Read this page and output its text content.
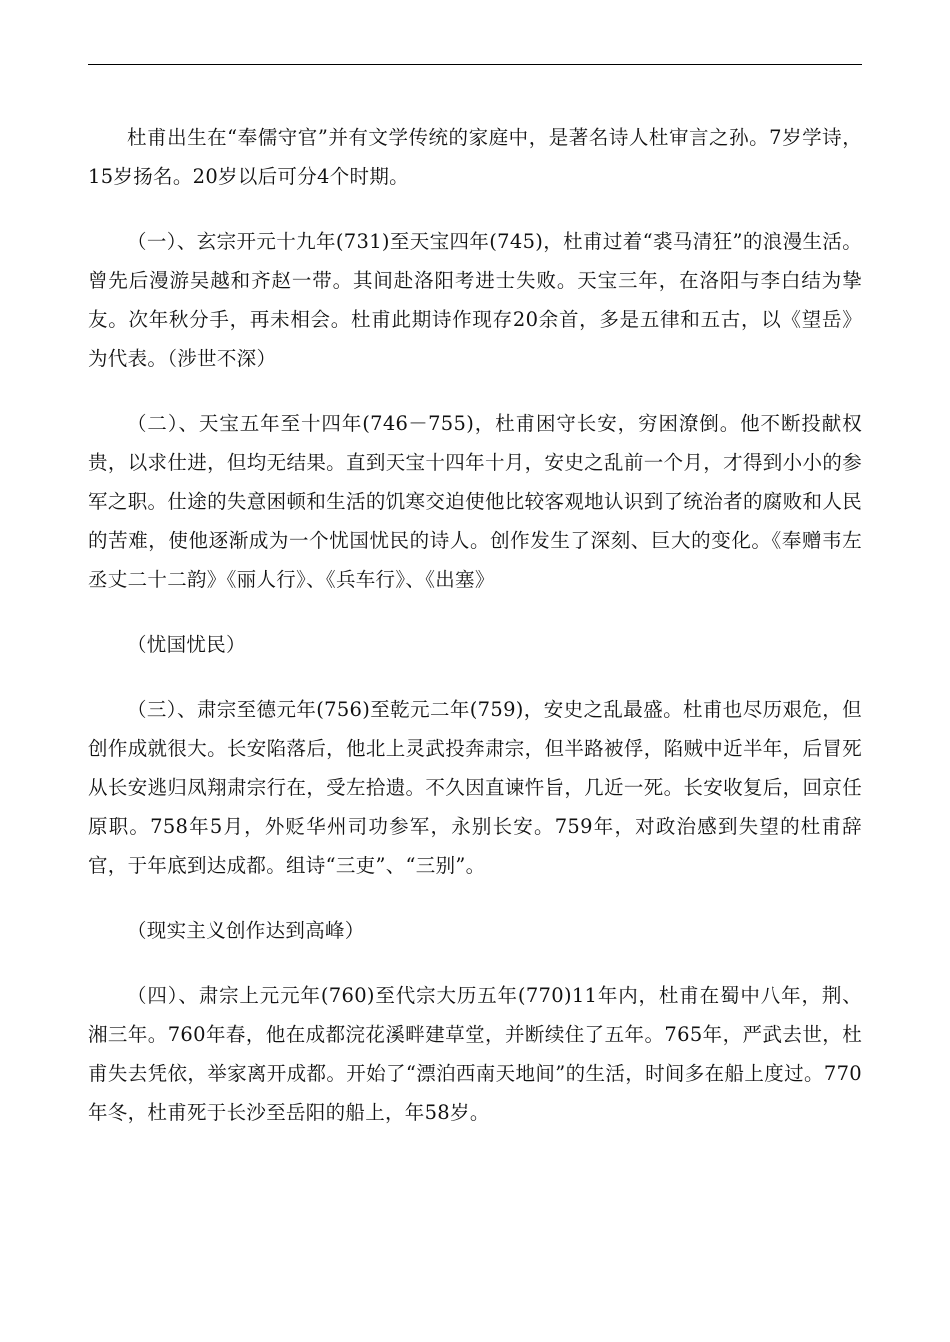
杜甫出生在“奉儒守官”并有文学传统的家庭中，是著名诗人杜审言之孙。7岁学诗，15岁扬名。20岁以后可分4个时期。

（一）、玄宗开元十九年(731)至天宝四年(745)，杜甫过着“裘马清狂”的浪漫生活。曾先后漫游吴越和齐赵一带。其间赴洛阳考进士失败。天宝三年，在洛阳与李白结为挚友。次年秋分手，再未相会。杜甫此期诗作现存20余首，多是五律和五古，以《望岳》为代表。（涉世不深）

（二）、天宝五年至十四年(746－755)，杜甫困守长安，穷困潦倒。他不断投献权贵，以求仕进，但均无结果。直到天宝十四年十月，安史之乱前一个月，才得到小小的参军之职。仕途的失意困顿和生活的饥寒交迫使他比较客观地认识到了统治者的腐败和人民的苦难，使他逐渐成为一个忧国忧民的诗人。创作发生了深刻、巨大的变化。《奉赠韦左丞丈二十二韵》《丽人行》、《兵车行》、《出塞》

（忧国忧民）

（三）、肃宗至德元年(756)至乾元二年(759)，安史之乱最盛。杜甫也尽历艰危，但创作成就很大。长安陷落后，他北上灵武投奔肃宗，但半路被俘，陷贼中近半年，后冒死从长安逃归凤翔肃宗行在，受左拾遗。不久因直谏忤旨，几近一死。长安收复后，回京任原职。758年5月，外贬华州司功参军，永别长安。759年，对政治感到失望的杜甫辞官，于年底到达成都。组诗“三吏”、“三别”。

（现实主义创作达到高峰）

（四）、肃宗上元元年(760)至代宗大历五年(770)11年内，杜甫在蜀中八年，荆、湘三年。760年春，他在成都浣花溪畔建草堂，并断续住了五年。765年，严武去世，杜甫失去凭依，举家离开成都。开始了“漂泊西南天地间”的生活，时间多在船上度过。770年冬，杜甫死于长沙至岳阳的船上，年58岁。
